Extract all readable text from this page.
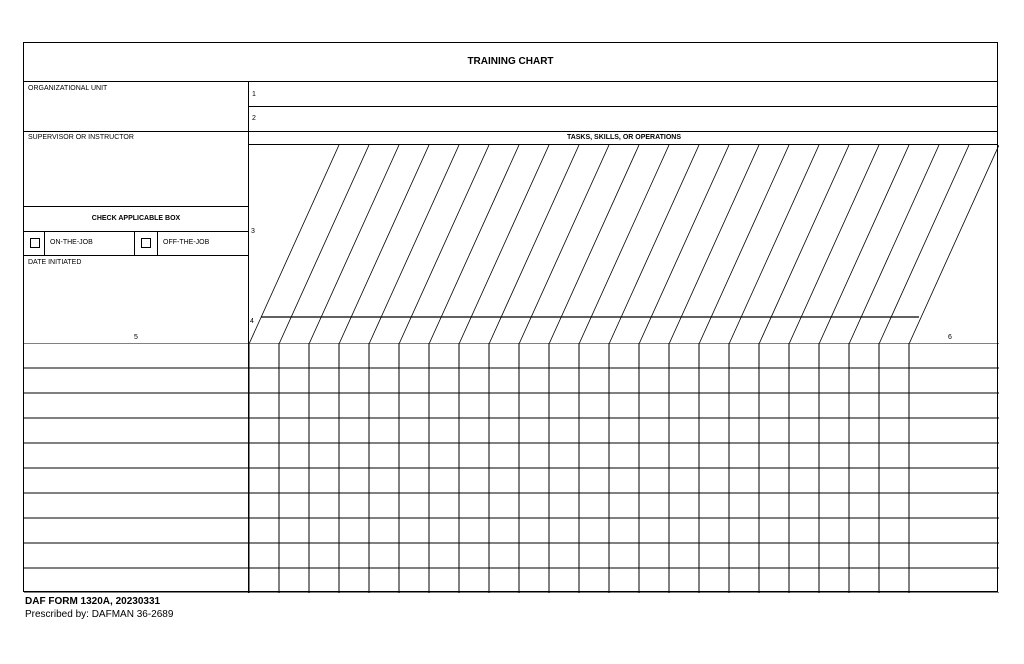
TRAINING CHART
ORGANIZATIONAL UNIT
1
2
SUPERVISOR OR INSTRUCTOR	TASKS, SKILLS, OR OPERATIONS
CHECK APPLICABLE BOX
ON-THE-JOB	OFF-THE-JOB
DATE INITIATED
5
3
4
6
DAF FORM 1320A, 20230331
Prescribed by: DAFMAN 36-2689
